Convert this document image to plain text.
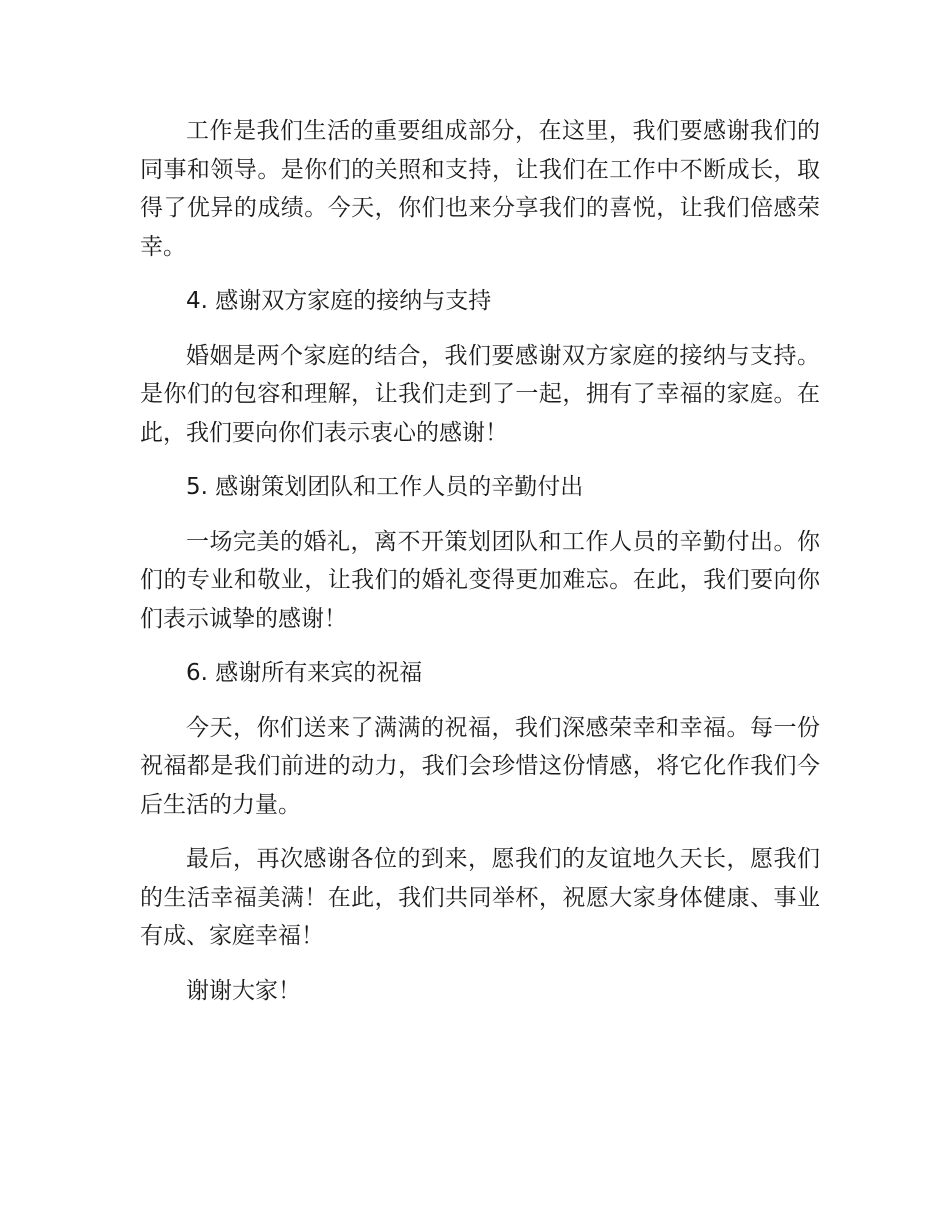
工作是我们生活的重要组成部分，在这里，我们要感谢我们的同事和领导。是你们的关照和支持，让我们在工作中不断成长，取得了优异的成绩。今天，你们也来分享我们的喜悦，让我们倍感荣幸。

4. 感谢双方家庭的接纳与支持

婚姻是两个家庭的结合，我们要感谢双方家庭的接纳与支持。是你们的包容和理解，让我们走到了一起，拥有了幸福的家庭。在此，我们要向你们表示衷心的感谢！

5. 感谢策划团队和工作人员的辛勤付出

一场完美的婚礼，离不开策划团队和工作人员的辛勤付出。你们的专业和敬业，让我们的婚礼变得更加难忘。在此，我们要向你们表示诚挚的感谢！

6. 感谢所有来宾的祝福

今天，你们送来了满满的祝福，我们深感荣幸和幸福。每一份祝福都是我们前进的动力，我们会珍惜这份情感，将它化作我们今后生活的力量。

最后，再次感谢各位的到来，愿我们的友谊地久天长，愿我们的生活幸福美满！在此，我们共同举杯，祝愿大家身体健康、事业有成、家庭幸福！

谢谢大家！
